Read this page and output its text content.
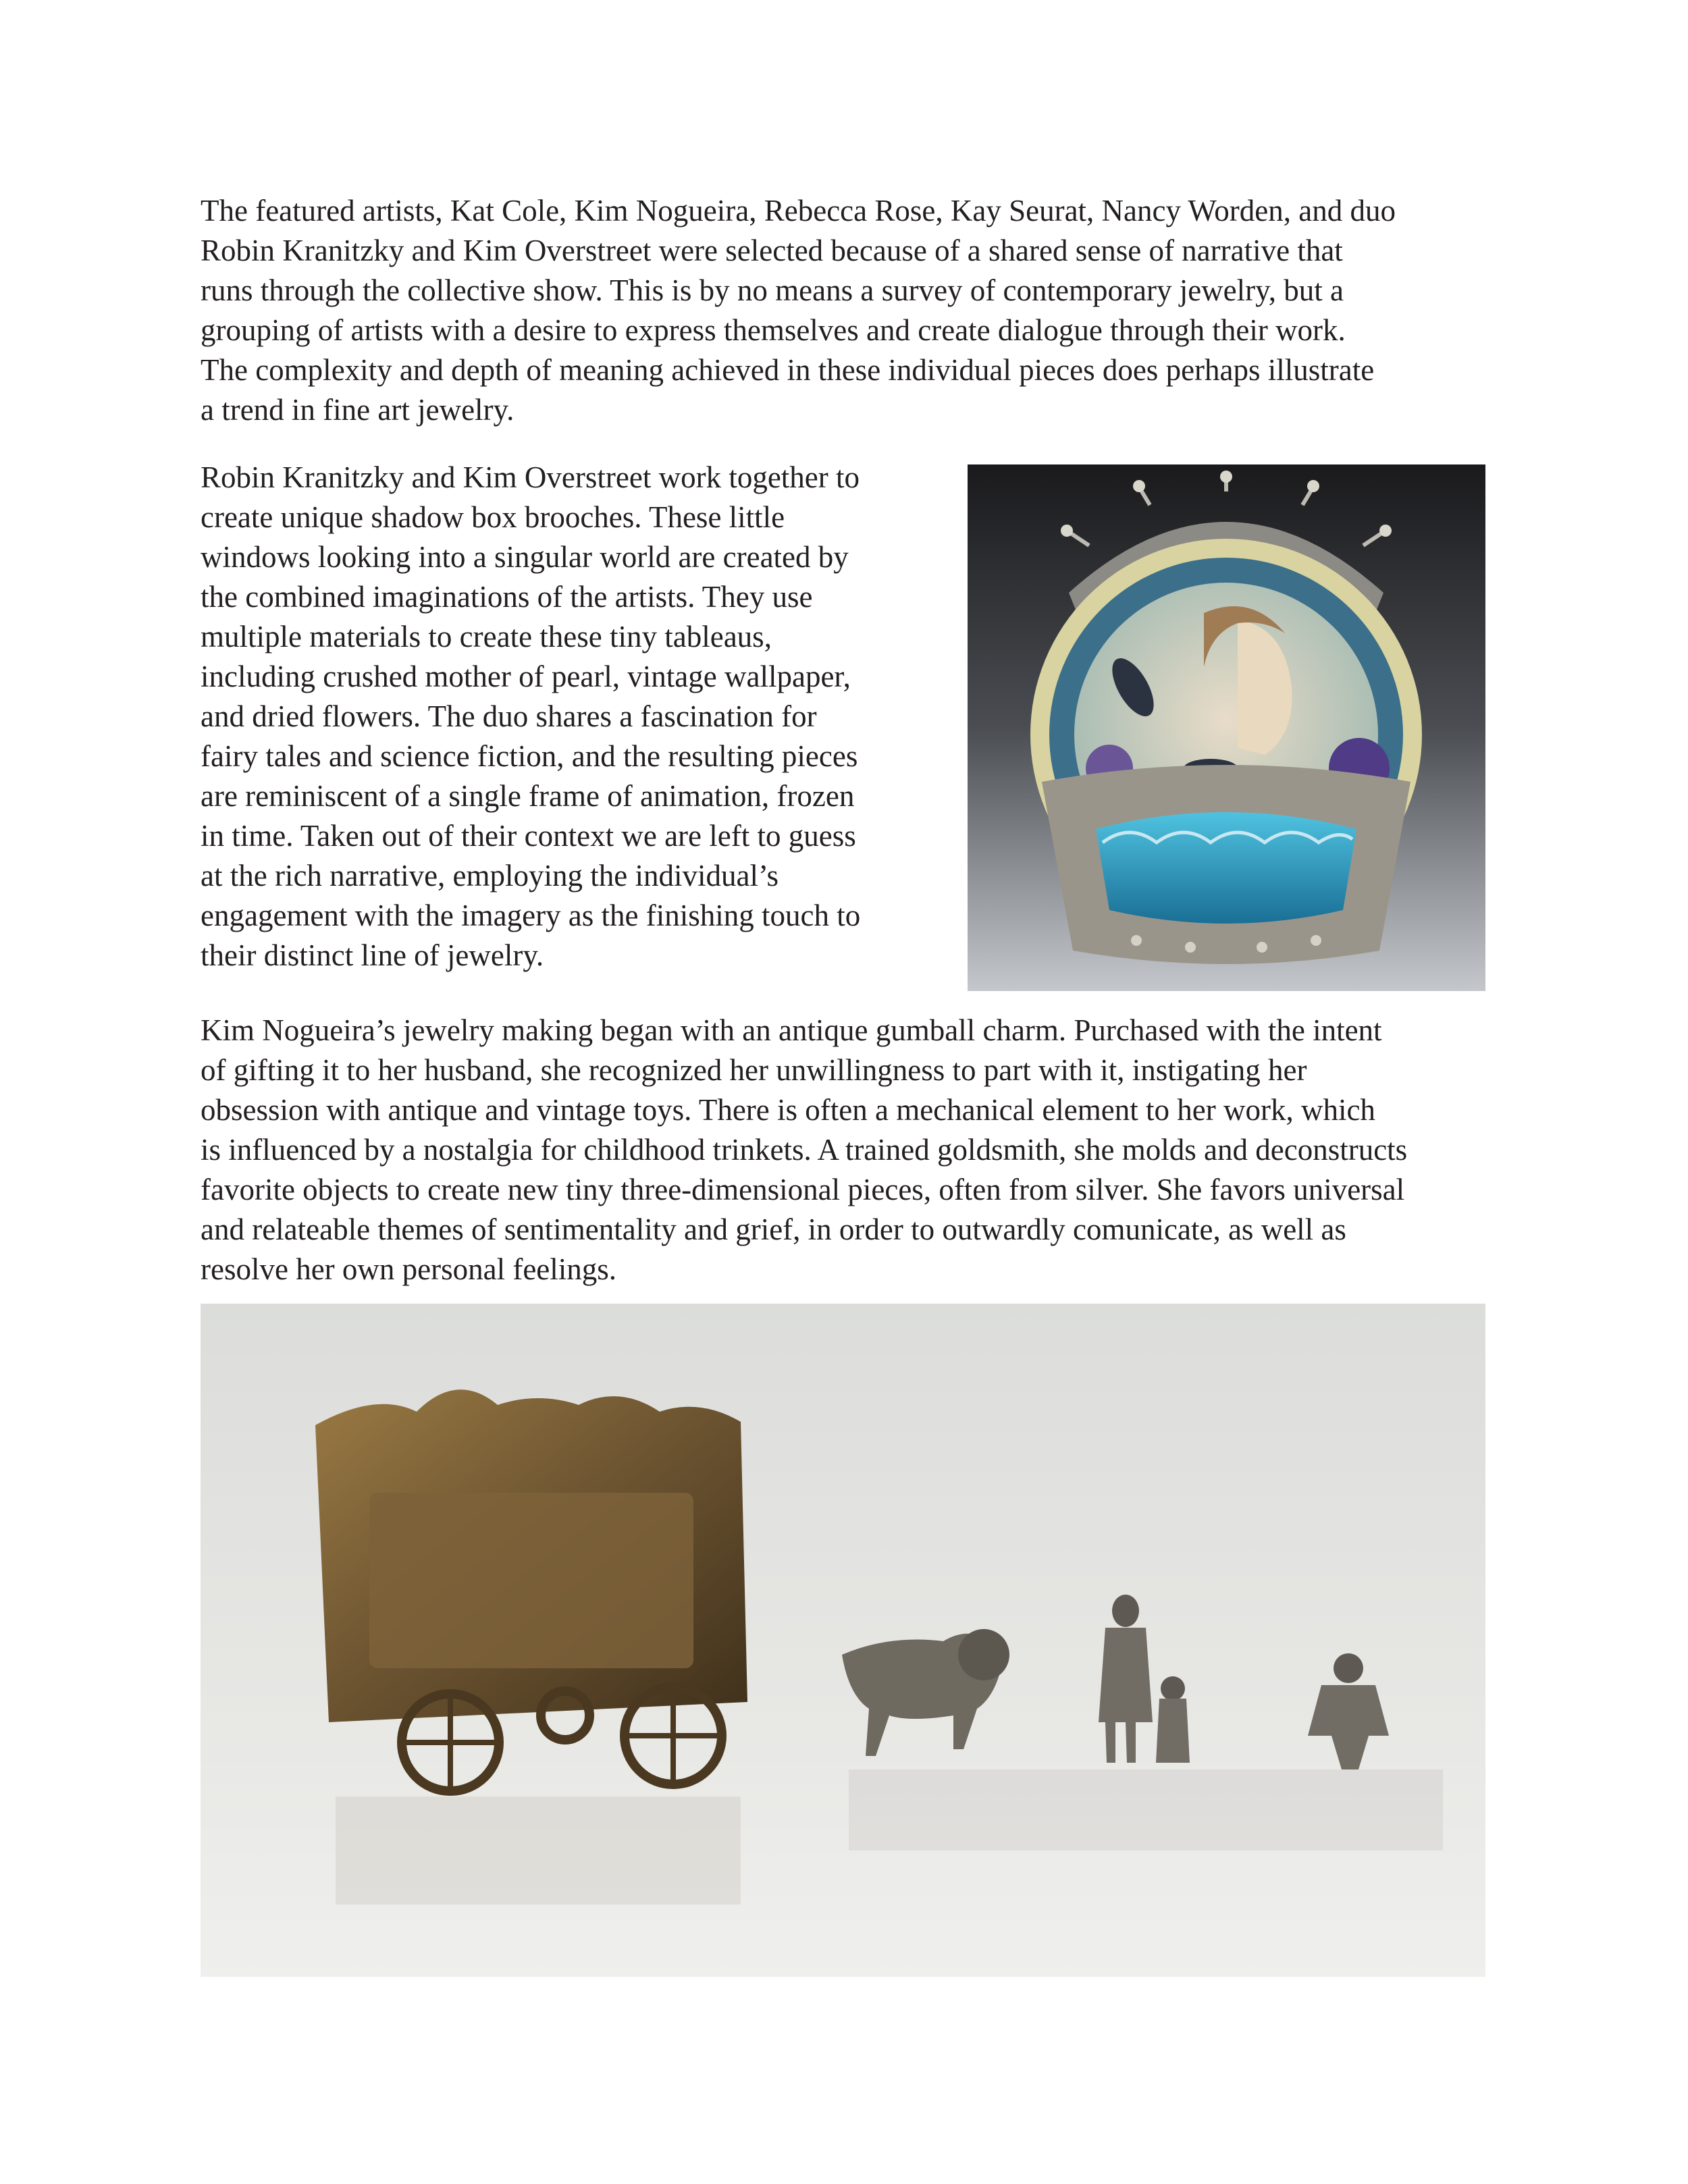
The featured artists, Kat Cole, Kim Nogueira, Rebecca Rose, Kay Seurat, Nancy Worden, and duo
Robin Kranitzky and Kim Overstreet were selected because of a shared sense of narrative that
runs through the collective show. This is by no means a survey of contemporary jewelry, but a
grouping of artists with a desire to express themselves and create dialogue through their work.
The complexity and depth of meaning achieved in these individual pieces does perhaps illustrate
a trend in fine art jewelry.

Robin Kranitzky and Kim Overstreet work together to
create unique shadow box brooches. These little
windows looking into a singular world are created by
the combined imaginations of the artists. They use
multiple materials to create these tiny tableaus,
including crushed mother of pearl, vintage wallpaper,
and dried flowers. The duo shares a fascination for
fairy tales and science fiction, and the resulting pieces
are reminiscent of a single frame of animation, frozen
in time. Taken out of their context we are left to guess
at the rich narrative, employing the individual’s
engagement with the imagery as the finishing touch to
their distinct line of jewelry.

Kim Nogueira’s jewelry making began with an antique gumball charm. Purchased with the intent
of gifting it to her husband, she recognized her unwillingness to part with it, instigating her
obsession with antique and vintage toys. There is often a mechanical element to her work, which
is influenced by a nostalgia for childhood trinkets. A trained goldsmith, she molds and deconstructs
favorite objects to create new tiny three-dimensional pieces, often from silver. She favors universal
and relateable themes of sentimentality and grief, in order to outwardly comunicate, as well as
resolve her own personal feelings.
